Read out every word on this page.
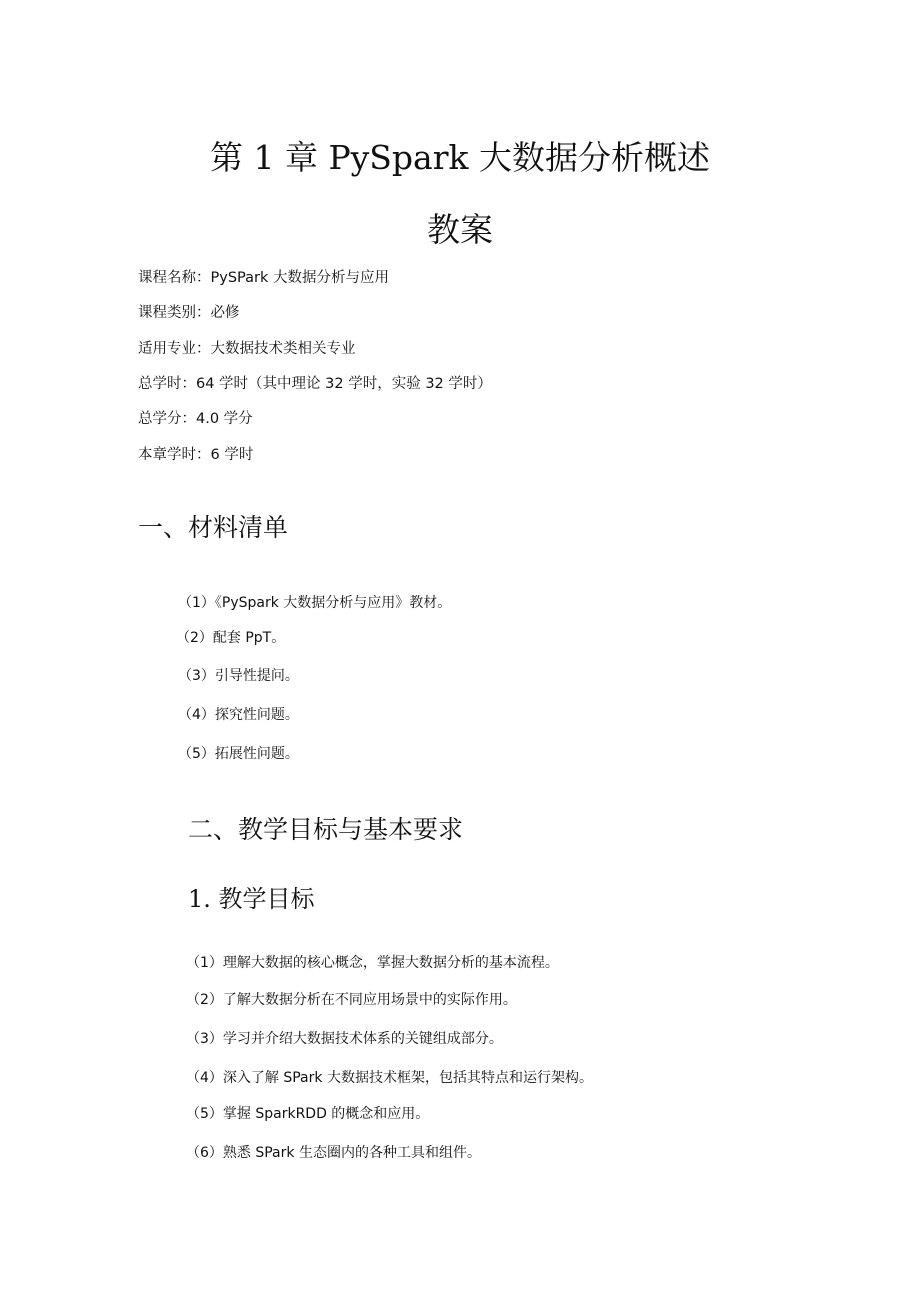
第 1 章 PySpark 大数据分析概述
教案
课程名称：PySPark 大数据分析与应用
课程类别：必修
适用专业：大数据技术类相关专业
总学时：64 学时（其中理论 32 学时，实验 32 学时）
总学分：4.0 学分
本章学时：6 学时
一、材料清单
（1）《PySpark 大数据分析与应用》教材。
（2）配套 PpT。
（3）引导性提问。
（4）探究性问题。
（5）拓展性问题。
二、教学目标与基本要求
1. 教学目标
（1）理解大数据的核心概念，掌握大数据分析的基本流程。
（2）了解大数据分析在不同应用场景中的实际作用。
（3）学习并介绍大数据技术体系的关键组成部分。
（4）深入了解 SPark 大数据技术框架，包括其特点和运行架构。
（5）掌握 SparkRDD 的概念和应用。
（6）熟悉 SPark 生态圈内的各种工具和组件。
